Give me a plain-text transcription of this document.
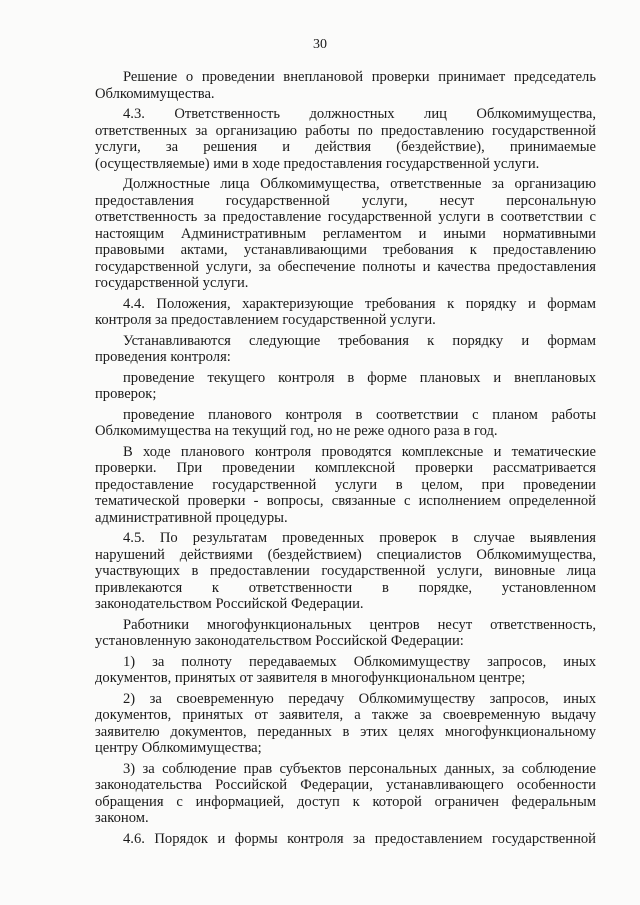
30
Решение о проведении внеплановой проверки принимает председатель
Облкомимущества.
4.3. Ответственность должностных лиц Облкомимущества,
ответственных за организацию работы по предоставлению государственной
услуги, за решения и действия (бездействие), принимаемые
(осуществляемые) ими в ходе предоставления государственной услуги.
Должностные лица Облкомимущества, ответственные за организацию
предоставления государственной услуги, несут персональную
ответственность за предоставление государственной услуги в соответствии с
настоящим Административным регламентом и иными нормативными
правовыми актами, устанавливающими требования к предоставлению
государственной услуги, за обеспечение полноты и качества предоставления
государственной услуги.
4.4. Положения, характеризующие требования к порядку и формам
контроля за предоставлением государственной услуги.
Устанавливаются следующие требования к порядку и формам
проведения контроля:
проведение текущего контроля в форме плановых и внеплановых
проверок;
проведение планового контроля в соответствии с планом работы
Облкомимущества на текущий год, но не реже одного раза в год.
В ходе планового контроля проводятся комплексные и тематические
проверки. При проведении комплексной проверки рассматривается
предоставление государственной услуги в целом, при проведении
тематической проверки - вопросы, связанные с исполнением определенной
административной процедуры.
4.5. По результатам проведенных проверок в случае выявления
нарушений действиями (бездействием) специалистов Облкомимущества,
участвующих в предоставлении государственной услуги, виновные лица
привлекаются к ответственности в порядке, установленном
законодательством Российской Федерации.
Работники многофункциональных центров несут ответственность,
установленную законодательством Российской Федерации:
1) за полноту передаваемых Облкомимуществу запросов, иных
документов, принятых от заявителя в многофункциональном центре;
2) за своевременную передачу Облкомимуществу запросов, иных
документов, принятых от заявителя, а также за своевременную выдачу
заявителю документов, переданных в этих целях многофункциональному
центру Облкомимущества;
3) за соблюдение прав субъектов персональных данных, за соблюдение
законодательства Российской Федерации, устанавливающего особенности
обращения с информацией, доступ к которой ограничен федеральным
законом.
4.6. Порядок и формы контроля за предоставлением государственной
